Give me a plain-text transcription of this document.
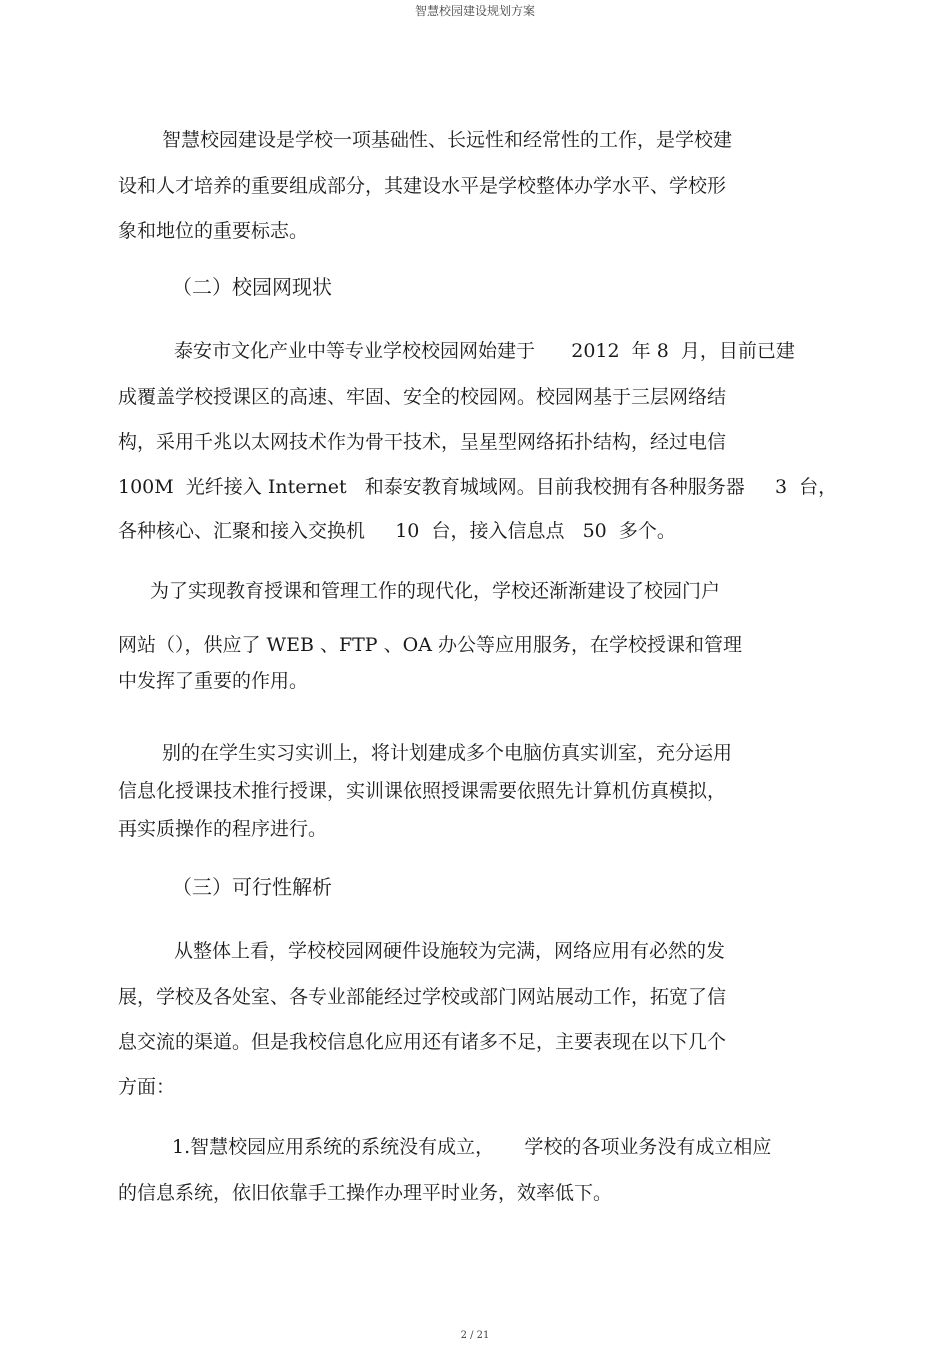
智慧校园建设规划方案
智慧校园建设是学校一项基础性、长远性和经常性的工作，是学校建
设和人才培养的重要组成部分，其建设水平是学校整体办学水平、学校形
象和地位的重要标志。
（二）校园网现状
泰安市文化产业中等专业学校校园网始建于      2012  年 8  月，目前已建
成覆盖学校授课区的高速、牢固、安全的校园网。校园网基于三层网络结
构，采用千兆以太网技术作为骨干技术，呈星型网络拓扑结构，经过电信
100M  光纤接入 Internet   和泰安教育城域网。目前我校拥有各种服务器     3  台，
各种核心、汇聚和接入交换机     10  台，接入信息点   50  多个。
为了实现教育授课和管理工作的现代化，学校还渐渐建设了校园门户
网站（），供应了 WEB 、FTP 、OA 办公等应用服务，在学校授课和管理
中发挥了重要的作用。
别的在学生实习实训上，将计划建成多个电脑仿真实训室，充分运用
信息化授课技术推行授课，实训课依照授课需要依照先计算机仿真模拟，
再实质操作的程序进行。
（三）可行性解析
从整体上看，学校校园网硬件设施较为完满，网络应用有必然的发
展，学校及各处室、各专业部能经过学校或部门网站展动工作，拓宽了信
息交流的渠道。但是我校信息化应用还有诸多不足，主要表现在以下几个
方面：
1.智慧校园应用系统的系统没有成立，     学校的各项业务没有成立相应
的信息系统，依旧依靠手工操作办理平时业务，效率低下。
2 / 21
